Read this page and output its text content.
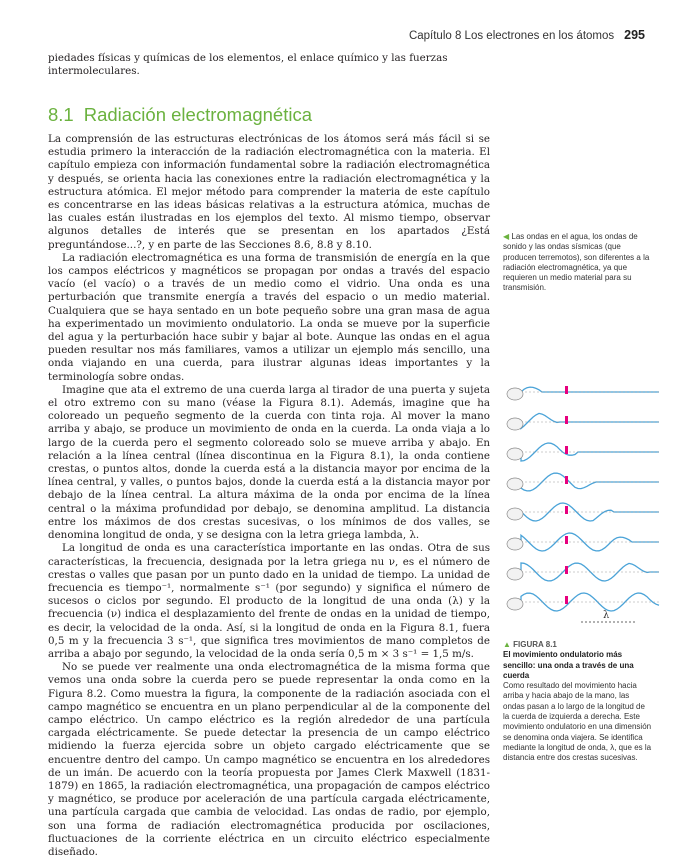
Capítulo 8 Los electrones en los átomos 295
piedades físicas y químicas de los elementos, el enlace químico y las fuerzas intermoleculares.
8.1 Radiación electromagnética

La comprensión de las estructuras electrónicas de los átomos será más fácil si se estudia primero la interacción de la radiación electromagnética con la materia. El capítulo empieza con información fundamental sobre la radiación electromagnética y después, se orienta hacia las conexiones entre la radiación electromagnética y la estructura atómica. El mejor método para comprender la materia de este capítulo es concentrarse en las ideas básicas relativas a la estructura atómica, muchas de las cuales están ilustradas en los ejemplos del texto. Al mismo tiempo, observar algunos detalles de interés que se presentan en los apartados ¿Está preguntándose...?, y en parte de las Secciones 8.6, 8.8 y 8.10.

La radiación electromagnética es una forma de transmisión de energía en la que los campos eléctricos y magnéticos se propagan por ondas a través del espacio vacío (el vacío) o a través de un medio como el vidrio. Una onda es una perturbación que transmite energía a través del espacio o un medio material. Cualquiera que se haya sentado en un bote pequeño sobre una gran masa de agua ha experimentado un movimiento ondulatorio. La onda se mueve por la superficie del agua y la perturbación hace subir y bajar al bote. Aunque las ondas en el agua pueden resultar nos más familiares, vamos a utilizar un ejemplo más sencillo, una onda viajando en una cuerda, para ilustrar algunas ideas importantes y la terminología sobre ondas.

Imagine que ata el extremo de una cuerda larga al tirador de una puerta y sujeta el otro extremo con su mano (véase la Figura 8.1). Además, imagine que ha coloreado un pequeño segmento de la cuerda con tinta roja. Al mover la mano arriba y abajo, se produce un movimiento de onda en la cuerda. La onda viaja a lo largo de la cuerda pero el segmento coloreado solo se mueve arriba y abajo. En relación a la línea central (línea discontinua en la Figura 8.1), la onda contiene crestas, o puntos altos, donde la cuerda está a la distancia mayor por encima de la línea central, y valles, o puntos bajos, donde la cuerda está a la distancia mayor por debajo de la línea central. La altura máxima de la onda por encima de la línea central o la máxima profundidad por debajo, se denomina amplitud. La distancia entre los máximos de dos crestas sucesivas, o los mínimos de dos valles, se denomina longitud de onda, y se designa con la letra griega lambda, λ.

La longitud de onda es una característica importante en las ondas. Otra de sus características, la frecuencia, designada por la letra griega nu ν, es el número de crestas o valles que pasan por un punto dado en la unidad de tiempo. La unidad de frecuencia es tiempo⁻¹, normalmente s⁻¹ (por segundo) y significa el número de sucesos o ciclos por segundo. El producto de la longitud de una onda (λ) y la frecuencia (ν) indica el desplazamiento del frente de ondas en la unidad de tiempo, es decir, la velocidad de la onda. Así, si la longitud de onda en la Figura 8.1, fuera 0,5 m y la frecuencia 3 s⁻¹, que significa tres movimientos de mano completos de arriba a abajo por segundo, la velocidad de la onda sería 0,5 m × 3 s⁻¹ = 1,5 m/s.

No se puede ver realmente una onda electromagnética de la misma forma que vemos una onda sobre la cuerda pero se puede representar la onda como en la Figura 8.2. Como muestra la figura, la componente de la radiación asociada con el campo magnético se encuentra en un plano perpendicular al de la componente del campo eléctrico. Un campo eléctrico es la región alrededor de una partícula cargada eléctricamente. Se puede detectar la presencia de un campo eléctrico midiendo la fuerza ejercida sobre un objeto cargado eléctricamente que se encuentre dentro del campo. Un campo magnético se encuentra en los alrededores de un imán. De acuerdo con la teoría propuesta por James Clerk Maxwell (1831-1879) en 1865, la radiación electromagnética, una propagación de campos eléctrico y magnético, se produce por aceleración de una partícula cargada eléctricamente, una partícula cargada que cambia de velocidad. Las ondas de radio, por ejemplo, son una forma de radiación electromagnética producida por oscilaciones, fluctuaciones de la corriente eléctrica en un circuito eléctrico especialmente diseñado.

◀ Las ondas en el agua, los ondas de sonido y las ondas sísmicas (que producen terremotos), son diferentes a la radiación electromagnética, ya que requieren un medio material para su transmisión.
λ
▲ FIGURA 8.1
El movimiento ondulatorio más sencillo: una onda a través de una cuerda
Como resultado del movimiento hacia arriba y hacia abajo de la mano, las ondas pasan a lo largo de la longitud de la cuerda de izquierda a derecha. Este movimiento ondulatorio en una dimensión se denomina onda viajera. Se identifica mediante la longitud de onda, λ, que es la distancia entre dos crestas sucesivas.
